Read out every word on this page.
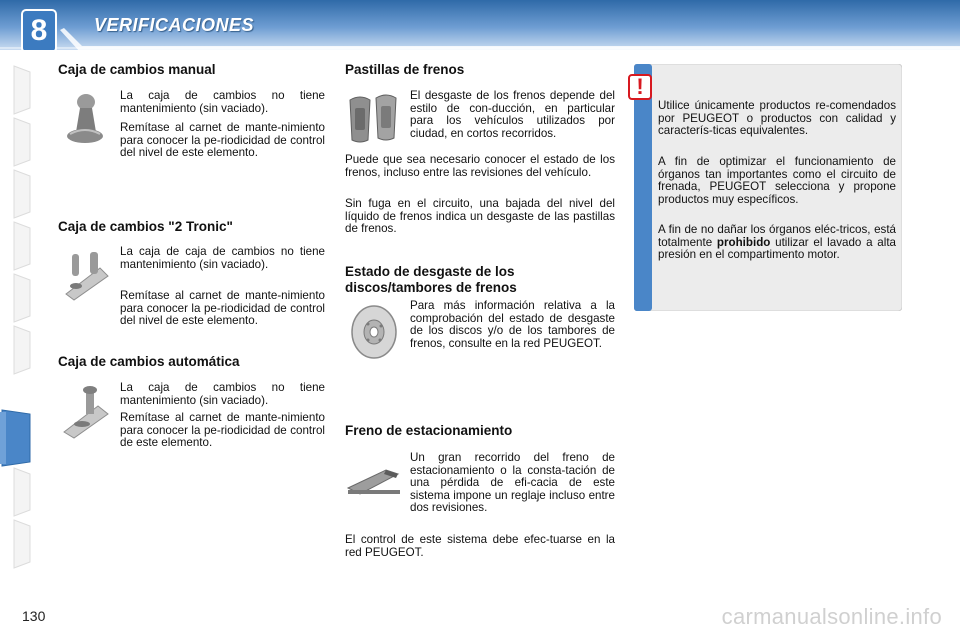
8	VERIFICACIONES
Caja de cambios manual

La caja de cambios no tiene mantenimiento (sin vaciado).

Remítase al carnet de mante-nimiento para conocer la pe-riodicidad de control del nivel de este elemento.

Caja de cambios "2 Tronic"

La caja de caja de cambios no tiene mantenimiento (sin vaciado).

Remítase al carnet de mante-nimiento para conocer la pe-riodicidad de control del nivel de este elemento.

Caja de cambios automática

La caja de cambios no tiene mantenimiento (sin vaciado).

Remítase al carnet de mante-nimiento para conocer la pe-riodicidad de control de este elemento.

Pastillas de frenos

El desgaste de los frenos depende del estilo de con-ducción, en particular para los vehículos utilizados por ciudad, en cortos recorridos.

Puede que sea necesario conocer el estado de los frenos, incluso entre las revisiones del vehículo.

Sin fuga en el circuito, una bajada del nivel del líquido de frenos indica un desgaste de las pastillas de frenos.

Estado de desgaste de los discos/tambores de frenos

Para más información relativa a la comprobación del estado de desgaste de los discos y/o de los tambores de frenos, consulte en la red PEUGEOT.

Freno de estacionamiento

Un gran recorrido del freno de estacionamiento o la consta-tación de una pérdida de efi-cacia de este sistema impone un reglaje incluso entre dos revisiones.

El control de este sistema debe efec-tuarse en la red PEUGEOT.

Utilice únicamente productos re-comendados por PEUGEOT o productos con calidad y caracterís-ticas equivalentes.

A fin de optimizar el funcionamiento de órganos tan importantes como el circuito de frenada, PEUGEOT selecciona y propone productos muy específicos.

A fin de no dañar los órganos eléc-tricos, está totalmente prohibido utilizar el lavado a alta presión en el compartimento motor.

!
130	carmanualsonline.info
